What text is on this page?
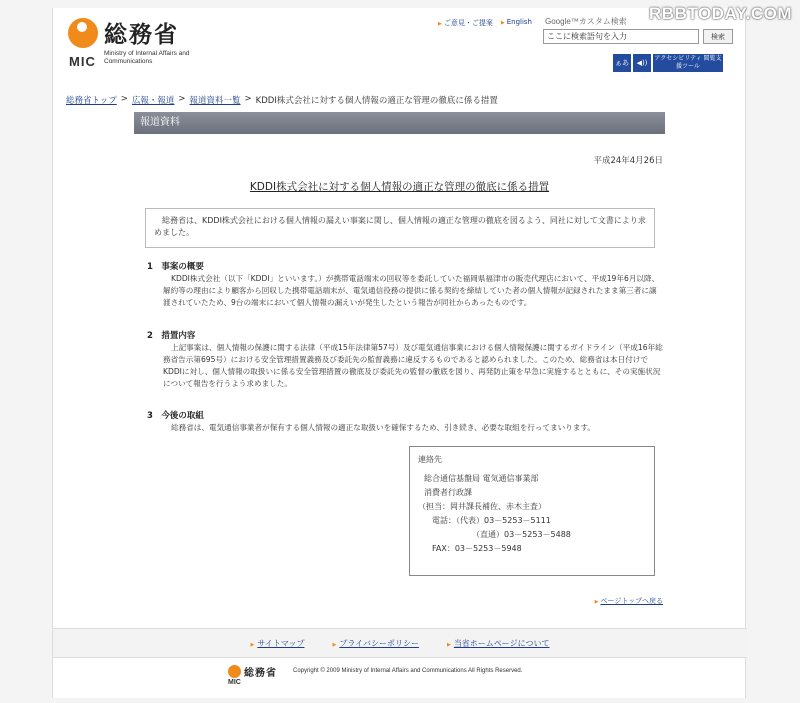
RBBTODAY.COM
総務省
Ministry of Internal Affairs and Communications
MIC
▶ ご意見・ご提案	▶ English Google™カスタム検索
ここに検索語句を入力
検索
ぁあ	◀))
アクセシビリティ 閲覧支援ツール
総務省トップ > 広報・報道 > 報道資料一覧 > KDDI株式会社に対する個人情報の適正な管理の徹底に係る措置
報道資料
平成24年4月26日
KDDI株式会社に対する個人情報の適正な管理の徹底に係る措置
総務省は、KDDI株式会社における個人情報の漏えい事案に関し、個人情報の適正な管理の徹底を図るよう、同社に対して文書により求めました。
1　事案の概要
KDDI株式会社（以下「KDDI」といいます。）が携帯電話端末の回収等を委託していた福岡県福津市の販売代理店において、平成19年6月以降、解約等の理由により顧客から回収した携帯電話端末が、電気通信役務の提供に係る契約を締結していた者の個人情報が記録されたまま第三者に譲渡されていたため、9台の端末において個人情報の漏えいが発生したという報告が同社からあったものです。
2　措置内容
上記事案は、個人情報の保護に関する法律（平成15年法律第57号）及び電気通信事業における個人情報保護に関するガイドライン（平成16年総務省告示第695号）における安全管理措置義務及び委託先の監督義務に違反するものであると認められました。このため、総務省は本日付けでKDDIに対し、個人情報の取扱いに係る安全管理措置の徹底及び委託先の監督の徹底を図り、再発防止策を早急に実施するとともに、その実施状況について報告を行うよう求めました。
3　今後の取組
総務省は、電気通信事業者が保有する個人情報の適正な取扱いを確保するため、引き続き、必要な取組を行ってまいります。
連絡先
総合通信基盤局 電気通信事業部
消費者行政課
（担当：岡井課長補佐、赤木主査）
電話：（代表）03－5253－5111
（直通）03－5253－5488
FAX：03－5253－5948
▶ ページトップへ戻る
▶ サイトマップ	▶ プライバシーポリシー	▶ 当省ホームページについて
総務省
MIC
Copyright © 2009 Ministry of Internal Affairs and Communications All Rights Reserved.
